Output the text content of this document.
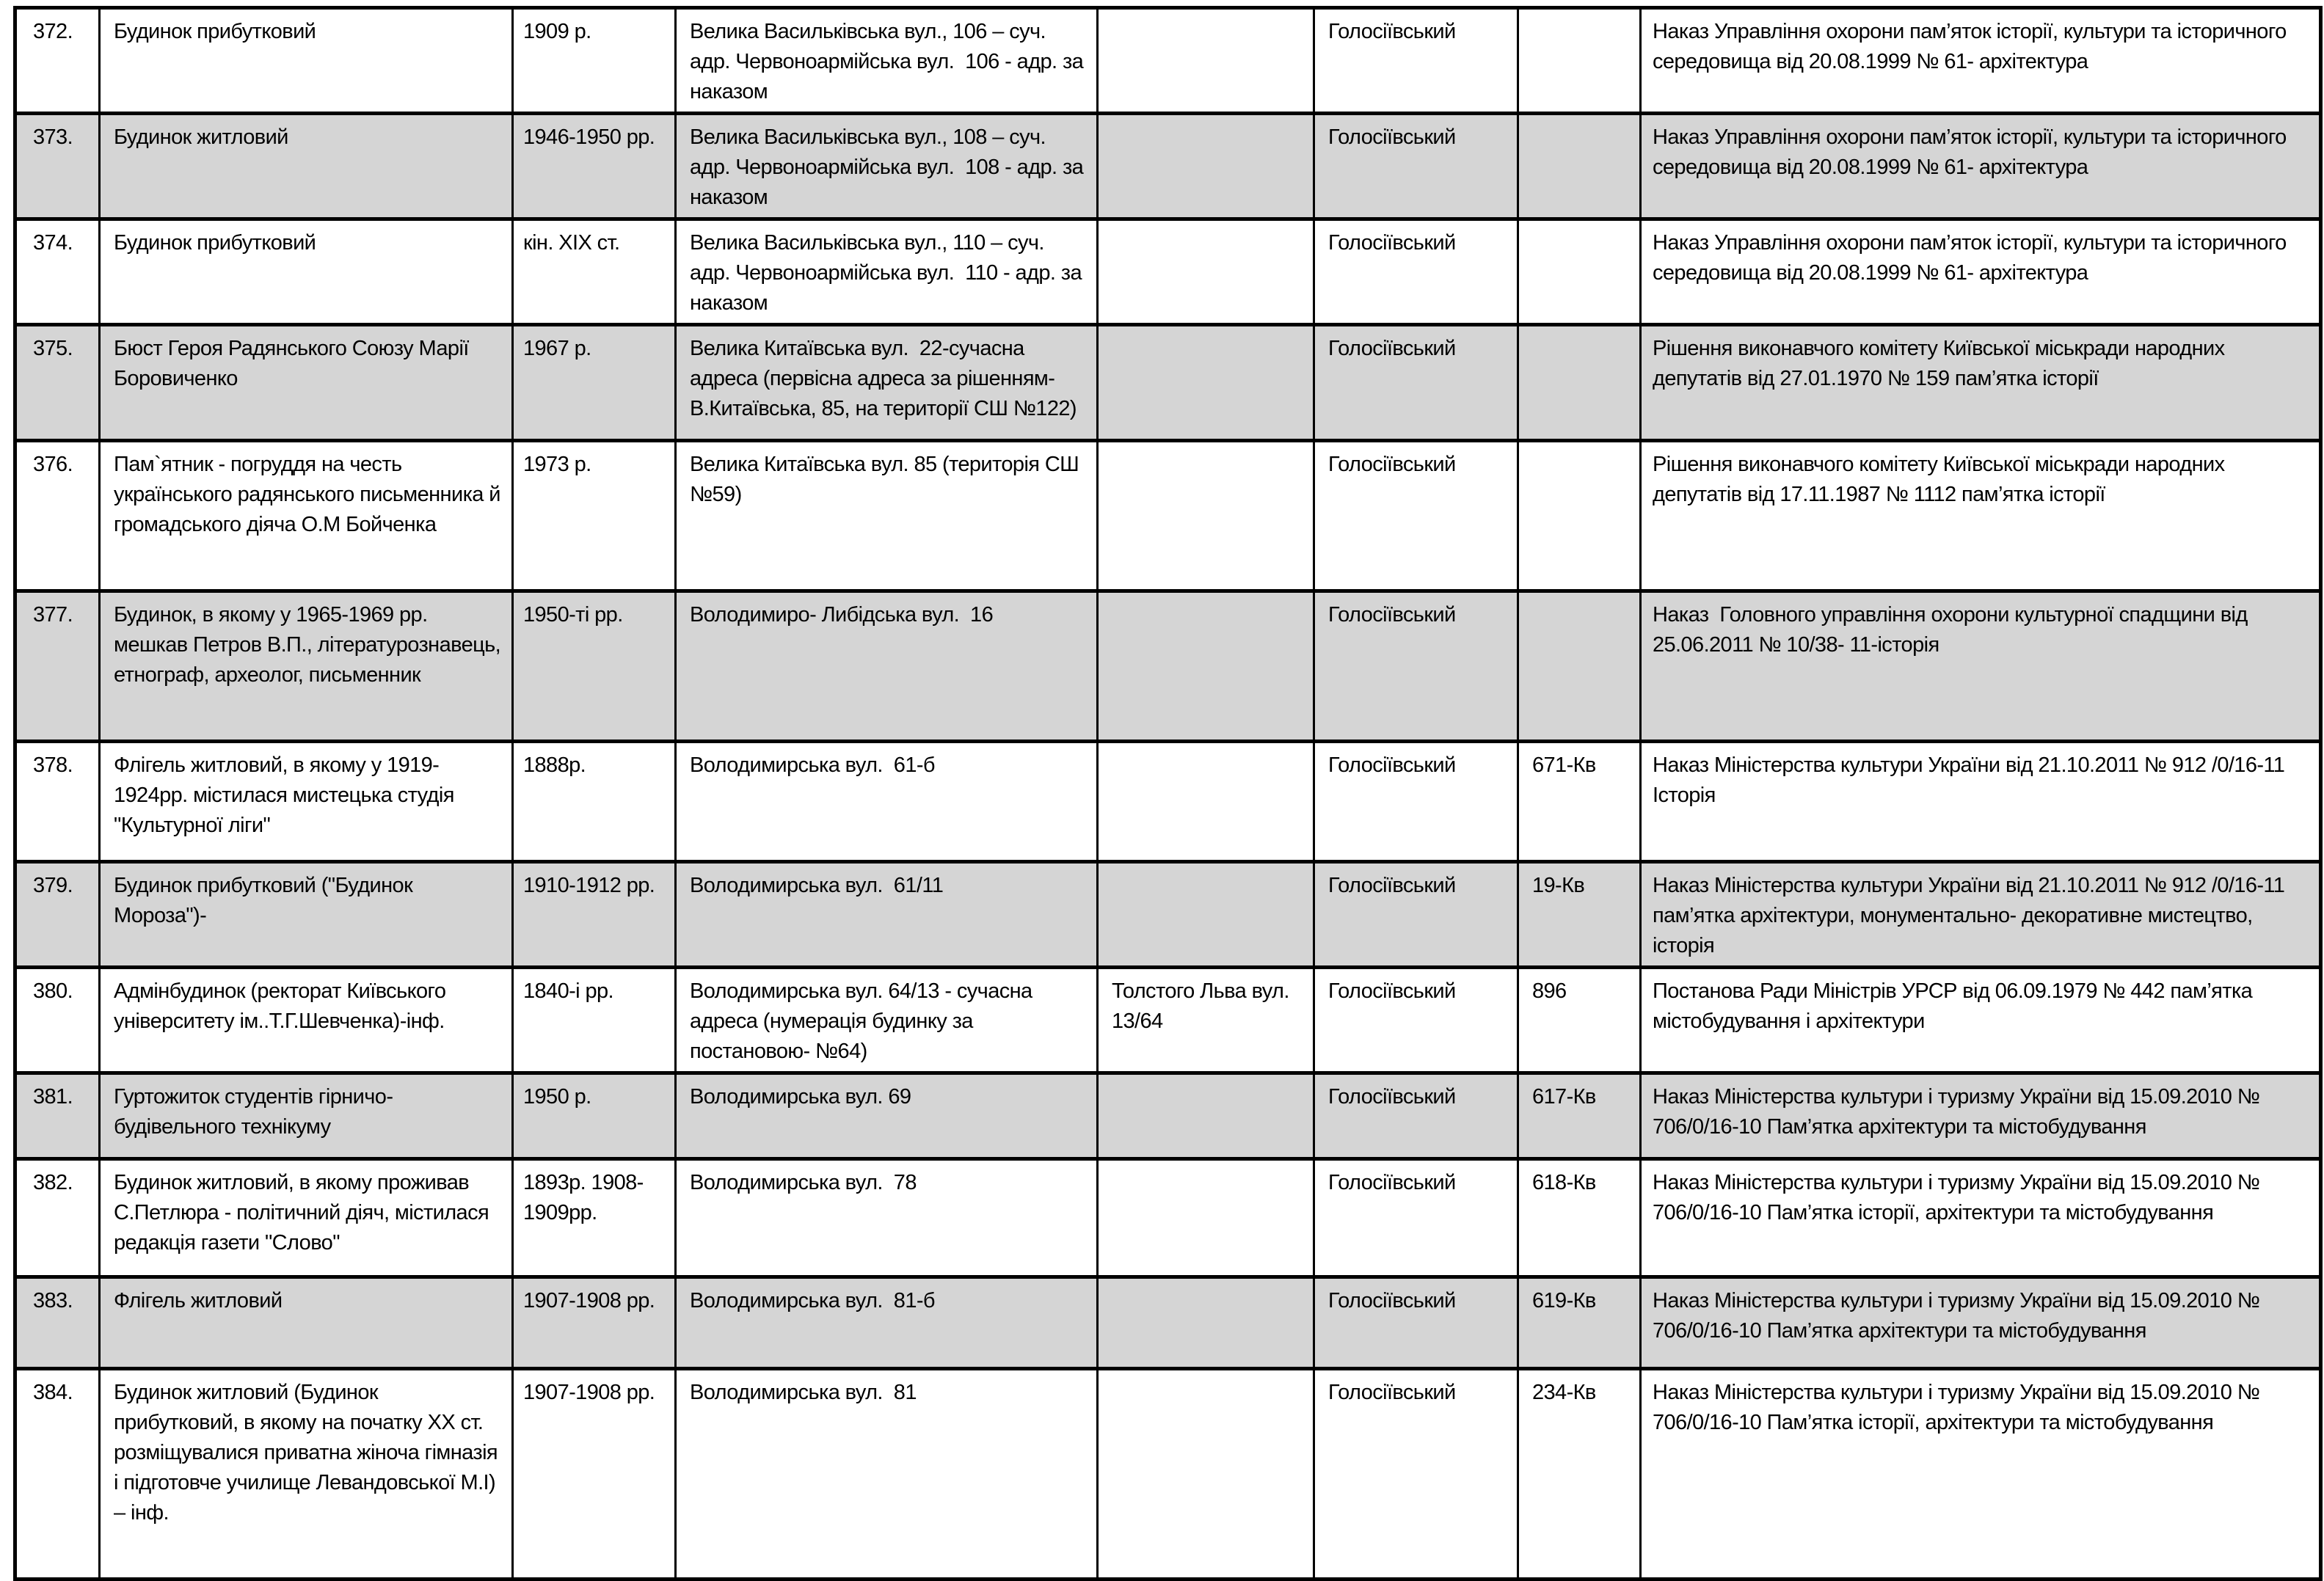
372.	Будинок прибутковий	1909 р.	Велика Васильківська вул., 106 – суч. адр. Червоноармійська вул.  106 - адр. за наказом		Голосіївський		Наказ Управління охорони пам’яток історії, культури та історичного середовища від 20.08.1999 № 61- архітектура
373.	Будинок житловий	1946-1950 рр.	Велика Васильківська вул., 108 – суч. адр. Червоноармійська вул.  108 - адр. за наказом		Голосіївський		Наказ Управління охорони пам’яток історії, культури та історичного середовища від 20.08.1999 № 61- архітектура
374.	Будинок прибутковий	кін. ХІХ ст.	Велика Васильківська вул., 110 – суч. адр. Червоноармійська вул.  110 - адр. за наказом		Голосіївський		Наказ Управління охорони пам’яток історії, культури та історичного середовища від 20.08.1999 № 61- архітектура
375.	Бюст Героя Радянського Союзу Марії Боровиченко	1967 р.	Велика Китаївська вул.  22-сучасна адреса (первісна адреса за рішенням- В.Китаївська, 85, на території СШ №122)		Голосіївський		Рішення виконавчого комітету Київської міськради народних депутатів від 27.01.1970 № 159 пам’ятка історії
376.	Пам`ятник - погруддя на честь українського радянського письменника й громадського діяча О.М Бойченка	1973 р.	Велика Китаївська вул. 85 (територія СШ №59)		Голосіївський		Рішення виконавчого комітету Київської міськради народних депутатів від 17.11.1987 № 1112 пам’ятка історії
377.	Будинок, в якому у 1965-1969 рр. мешкав Петров В.П., літературознавець, етнограф, археолог, письменник	1950-ті рр.	Володимиро- Либідська вул.  16		Голосіївський		Наказ  Головного управління охорони культурної спадщини від 25.06.2011 № 10/38- 11-історія
378.	Флігель житловий, в якому у 1919-1924рр. містилася мистецька студія "Культурної ліги"	1888р.	Володимирська вул.  61-б		Голосіївський	671-Кв	Наказ Міністерства культури України від 21.10.2011 № 912 /0/16-11 Історія
379.	Будинок прибутковий ("Будинок Мороза")-	1910-1912 рр.	Володимирська вул.  61/11		Голосіївський	19-Кв	Наказ Міністерства культури України від 21.10.2011 № 912 /0/16-11 пам’ятка архітектури, монументально- декоративне мистецтво, історія
380.	Адмінбудинок (ректорат Київського університету ім..Т.Г.Шевченка)-інф.	1840-і рр.	Володимирська вул. 64/13 - сучасна адреса (нумерація будинку за постановою- №64)	Толстого Льва вул. 13/64	Голосіївський	896	Постанова Ради Міністрів УРСР від 06.09.1979 № 442 пам’ятка містобудування і архітектури
381.	Гуртожиток студентів гірничо-будівельного технікуму	1950 р.	Володимирська вул. 69		Голосіївський	617-Кв	Наказ Міністерства культури і туризму України від 15.09.2010 № 706/0/16-10 Пам’ятка архітектури та містобудування
382.	Будинок житловий, в якому проживав С.Петлюра - політичний діяч, містилася редакція газети "Слово"	1893р. 1908-1909рр.	Володимирська вул.  78		Голосіївський	618-Кв	Наказ Міністерства культури і туризму України від 15.09.2010 № 706/0/16-10 Пам’ятка історії, архітектури та містобудування
383.	Флігель житловий	1907-1908 рр.	Володимирська вул.  81-б		Голосіївський	619-Кв	Наказ Міністерства культури і туризму України від 15.09.2010 № 706/0/16-10 Пам’ятка архітектури та містобудування
384.	Будинок житловий (Будинок прибутковий, в якому на початку ХХ ст. розміщувалися приватна жіноча гімназія і підготовче училище Левандовської М.І) – інф.	1907-1908 рр.	Володимирська вул.  81		Голосіївський	234-Кв	Наказ Міністерства культури і туризму України від 15.09.2010 № 706/0/16-10 Пам’ятка історії, архітектури та містобудування
